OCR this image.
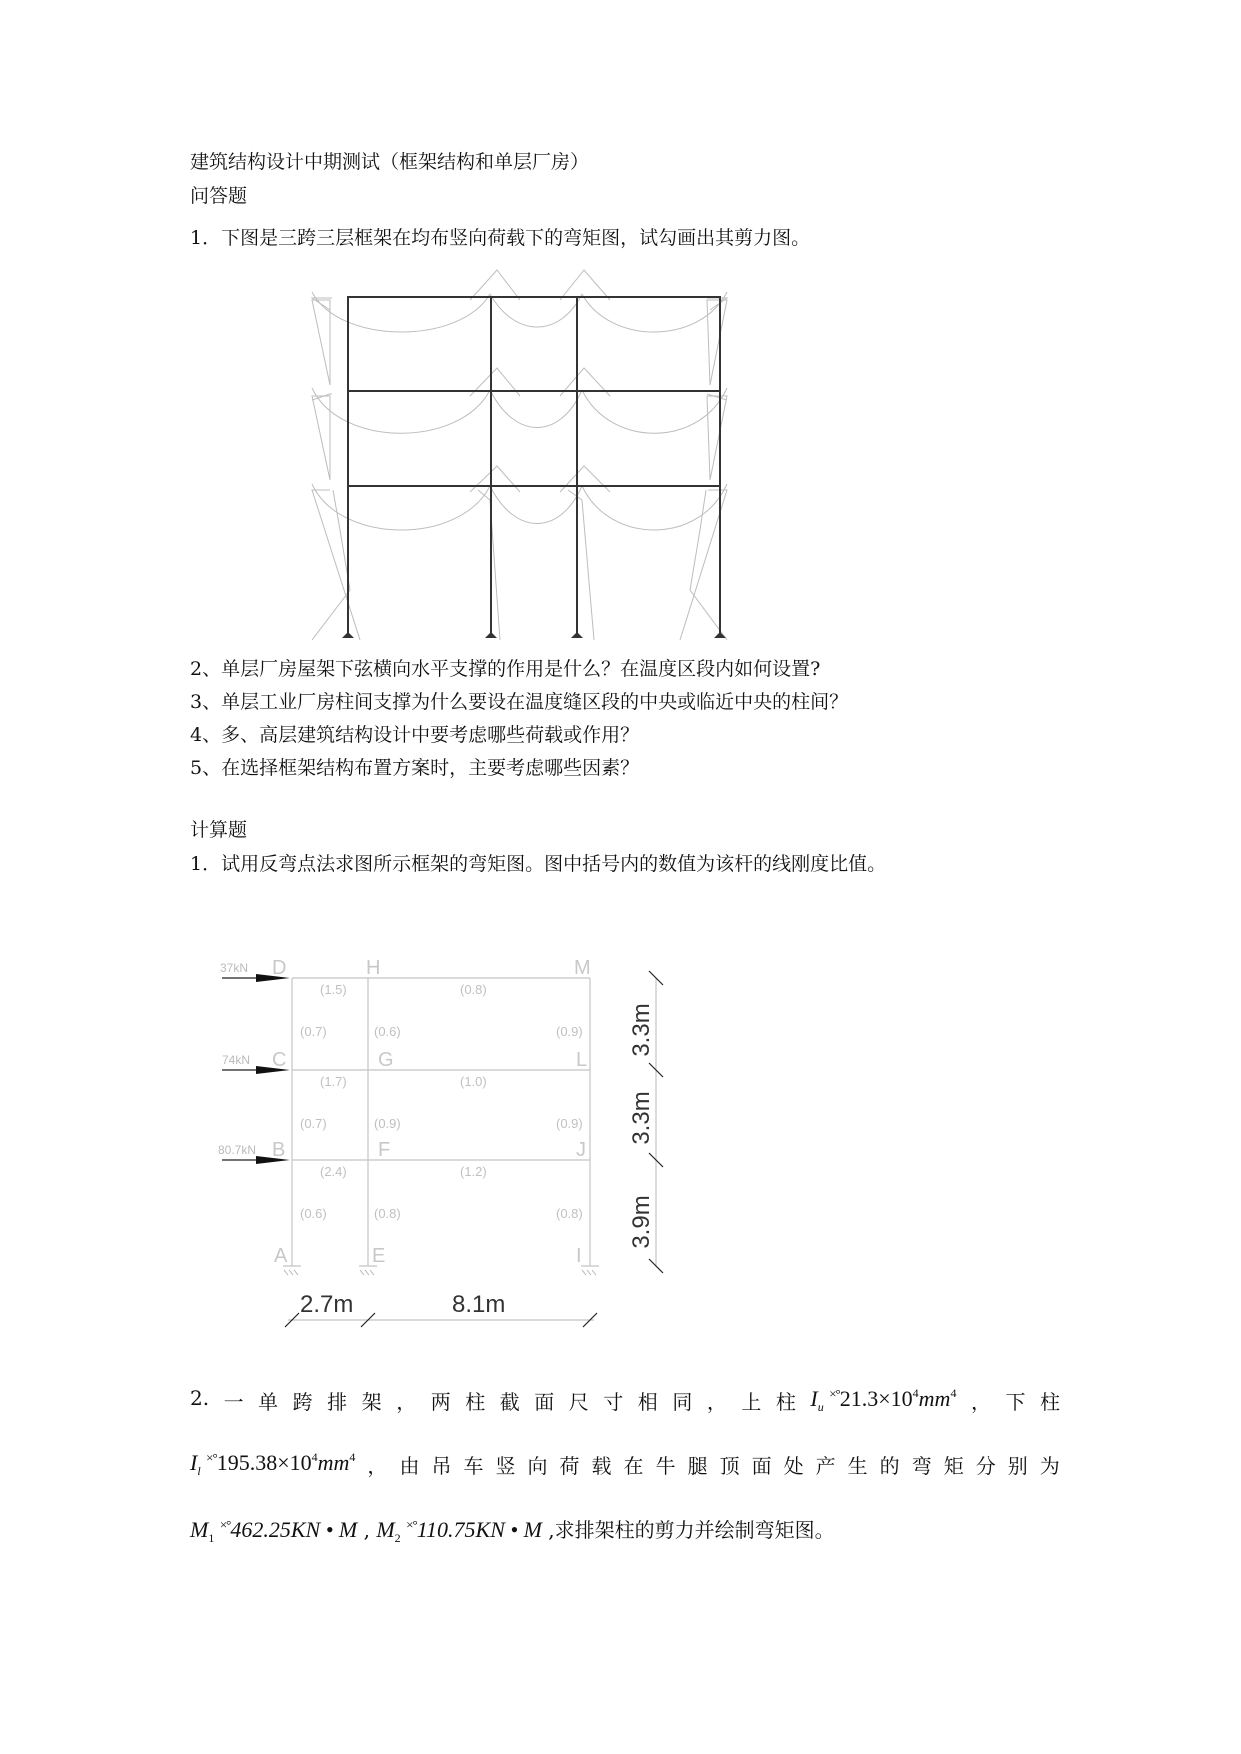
建筑结构设计中期测试（框架结构和单层厂房）
问答题
1．下图是三跨三层框架在均布竖向荷载下的弯矩图，试勾画出其剪力图。
2、单层厂房屋架下弦横向水平支撑的作用是什么？在温度区段内如何设置?
3、单层工业厂房柱间支撑为什么要设在温度缝区段的中央或临近中央的柱间？
4、多、高层建筑结构设计中要考虑哪些荷载或作用？
5、在选择框架结构布置方案时，主要考虑哪些因素？
计算题
1．试用反弯点法求图所示框架的弯矩图。图中括号内的数值为该杆的线刚度比值。
37kN
74kN
80.7kN
D	H	M
C	G	L
B	F	J
A	E	I
(1.5)	(0.8)
(1.7)	(1.0)
(2.4)	(1.2)
(0.7)	(0.6)	(0.9)
(0.7)	(0.9)	(0.9)
(0.6)	(0.8)	(0.8)
3.3m
3.3m
3.9m
2.7m	8.1m
2. 一 单 跨 排 架 ， 两 柱 截 面 尺 寸 相 同 ， 上 柱 $I_u$ $^{\times^\circ}21.3\times 10^4mm^4$ ， 下 柱
$I_l$ $^{\times^\circ}195.38\times 10^4mm^4$ ， 由 吊 车 竖 向 荷 载 在 牛 腿 顶 面 处 产 生 的 弯 矩 分 别 为
$M_1$ ×°462.25KN • M , $M_2$ ×°110.75KN • M ,求排架柱的剪力并绘制弯矩图。
